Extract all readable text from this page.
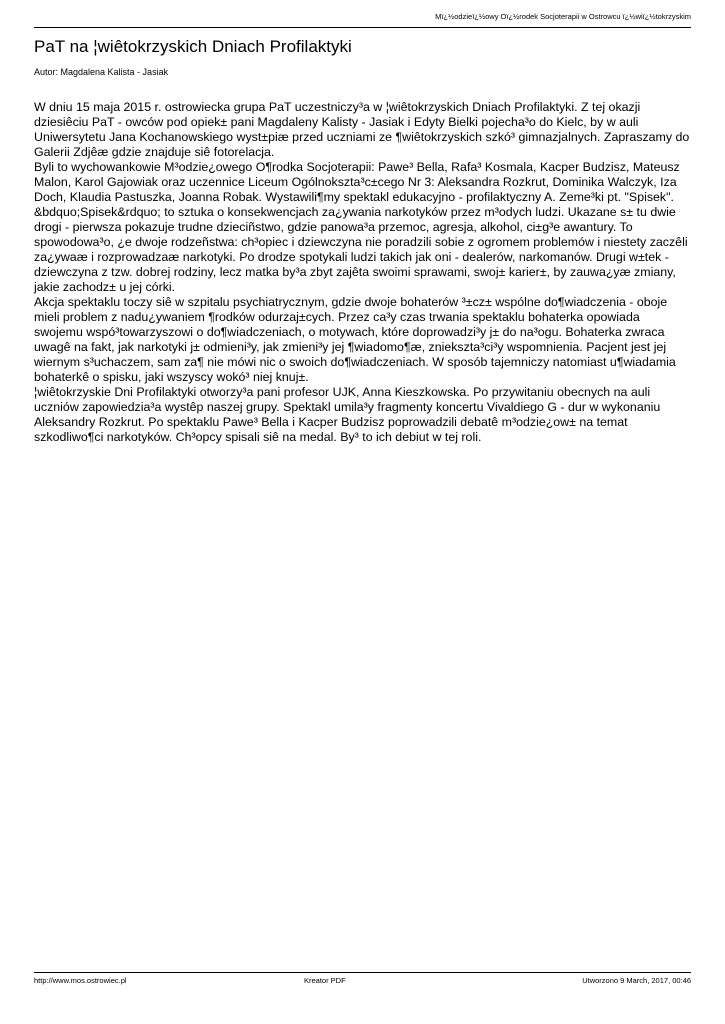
Mï¿½odzieï¿½owy Oï¿½rodek Socjoterapii w Ostrowcu ï¿½wiï¿½tokrzyskim
PaT na ¦wiêtokrzyskich Dniach Profilaktyki
Autor: Magdalena Kalista - Jasiak

W dniu 15 maja 2015 r. ostrowiecka grupa PaT uczestniczy³a w ¦wiêtokrzyskich Dniach Profilaktyki. Z tej okazji dziesiêciu PaT - owców pod opiek± pani Magdaleny Kalisty - Jasiak i Edyty Bielki pojecha³o do Kielc, by w auli Uniwersytetu Jana Kochanowskiego wyst±piæ przed uczniami ze ¶wiêtokrzyskich szkó³ gimnazjalnych. Zapraszamy do Galerii Zdjêæ gdzie znajduje siê fotorelacja.

Byli to wychowankowie M³odzie¿owego O¶rodka Socjoterapii: Pawe³ Bella, Rafa³ Kosmala, Kacper Budzisz, Mateusz Malon, Karol Gajowiak oraz uczennice Liceum Ogólnokszta³c±cego Nr 3: Aleksandra Rozkrut, Dominika Walczyk, Iza Doch, Klaudia Pastuszka, Joanna Robak. Wystawili¶my spektakl edukacyjno - profilaktyczny A. Zeme³ki pt. "Spisek". &bdquo;Spisek&rdquo; to sztuka o konsekwencjach za¿ywania narkotyków przez m³odych ludzi. Ukazane s± tu dwie drogi - pierwsza pokazuje trudne dzieciñstwo, gdzie panowa³a przemoc, agresja, alkohol, ci±g³e awantury. To spowodowa³o, ¿e dwoje rodzeñstwa: ch³opiec i dziewczyna nie poradzili sobie z ogromem problemów i niestety zaczêli za¿ywaæ i rozprowadzaæ narkotyki. Po drodze spotykali ludzi takich jak oni - dealerów, narkomanów. Drugi w±tek - dziewczyna z tzw. dobrej rodziny, lecz matka by³a zbyt zajêta swoimi sprawami, swoj± karier±, by zauwa¿yæ zmiany, jakie zachodz± u jej córki.

Akcja spektaklu toczy siê w szpitalu psychiatrycznym, gdzie dwoje bohaterów ³±cz± wspólne do¶wiadczenia - oboje mieli problem z nadu¿ywaniem ¶rodków odurzaj±cych. Przez ca³y czas trwania spektaklu bohaterka opowiada swojemu wspó³towarzyszowi o do¶wiadczeniach, o motywach, które doprowadzi³y j± do na³ogu. Bohaterka zwraca uwagê na fakt, jak narkotyki j± odmieni³y, jak zmieni³y jej ¶wiadomo¶æ, zniekszta³ci³y wspomnienia. Pacjent jest jej wiernym s³uchaczem, sam za¶ nie mówi nic o swoich do¶wiadczeniach. W sposób tajemniczy natomiast u¶wiadamia bohaterkê o spisku, jaki wszyscy wokó³ niej knuj±.

¦wiêtokrzyskie Dni Profilaktyki otworzy³a pani profesor UJK, Anna Kieszkowska. Po przywitaniu obecnych na auli uczniów zapowiedzia³a wystêp naszej grupy. Spektakl umila³y fragmenty koncertu Vivaldiego G - dur w wykonaniu Aleksandry Rozkrut. Po spektaklu Pawe³ Bella i Kacper Budzisz poprowadzili debatê m³odzie¿ow± na temat szkodliwo¶ci narkotyków. Ch³opcy spisali siê na medal. By³ to ich debiut w tej roli.

http://www.mos.ostrowiec.pl	Kreator PDF	Utworzono 9 March, 2017, 00:46
